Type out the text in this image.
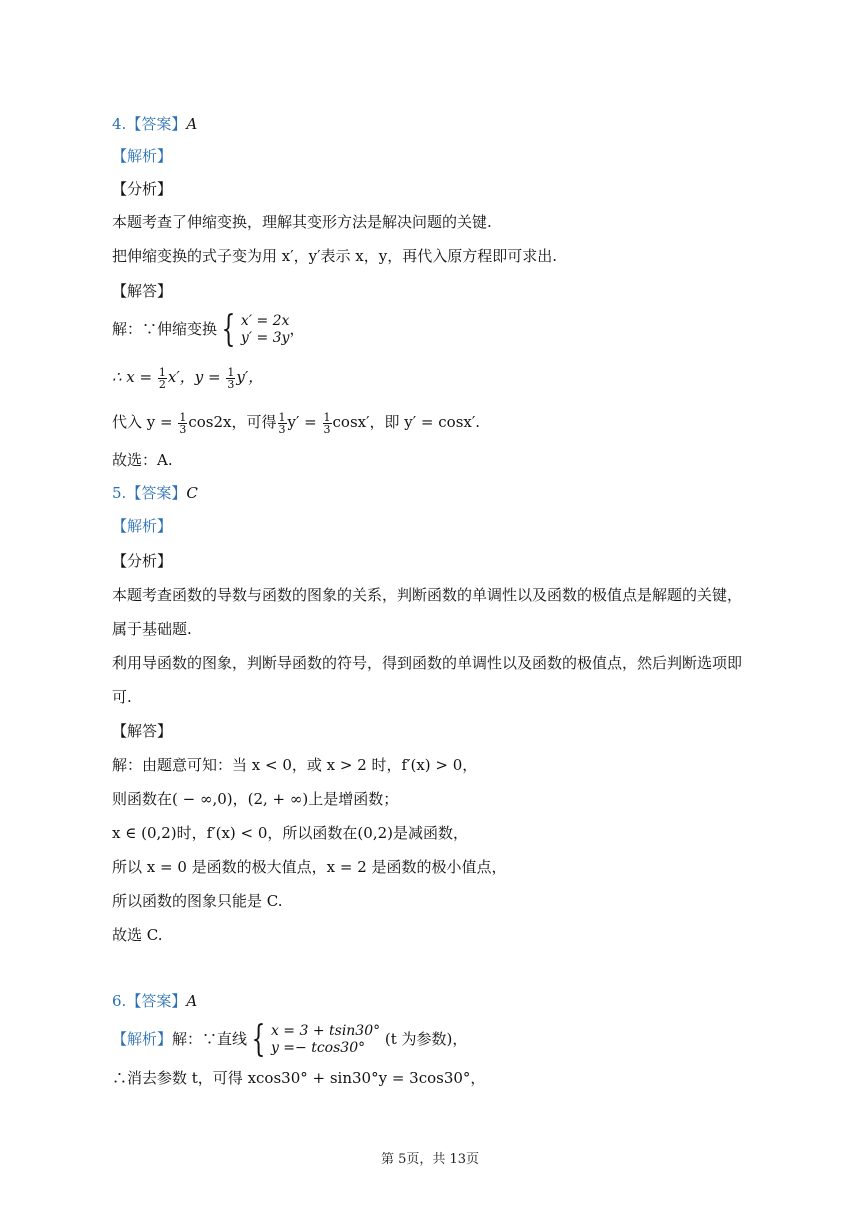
4.【答案】A
【解析】
【分析】
本题考查了伸缩变换，理解其变形方法是解决问题的关键.
把伸缩变换的式子变为用 x′，y′表示 x，y，再代入原方程即可求出.
【解答】
解：∵伸缩变换 { x′ = 2x
y′ = 3y ，
∴ $x = \frac{1}{2} x'$，$y = \frac{1}{3} y'$，
代入 $y = \frac{1}{3} \cos 2x$，可得 $\frac{1}{3} y' = \frac{1}{3} \cos x'$，即 y′ = cosx′.
故选：A.
5.【答案】C
【解析】
【分析】
本题考查函数的导数与函数的图象的关系，判断函数的单调性以及函数的极值点是解题的关键，
属于基础题.
利用导函数的图象，判断导函数的符号，得到函数的单调性以及函数的极值点，然后判断选项即
可.
【解答】
解：由题意可知：当 x < 0，或 x > 2 时，f′(x) > 0，
则函数在( − ∞,0)，(2, + ∞)上是增函数；
x ∈ (0,2)时，f′(x) < 0，所以函数在(0,2)是减函数，
所以 x = 0 是函数的极大值点，x = 2 是函数的极小值点，
所以函数的图象只能是 C.
故选 C.
6.【答案】A
【解析】解：∵直线 { x = 3 + tsin30°
y =− tcos30°	(t 为参数)，
∴消去参数 t，可得 xcos30° + sin30°y = 3cos30°，
第 5页，共 13页
